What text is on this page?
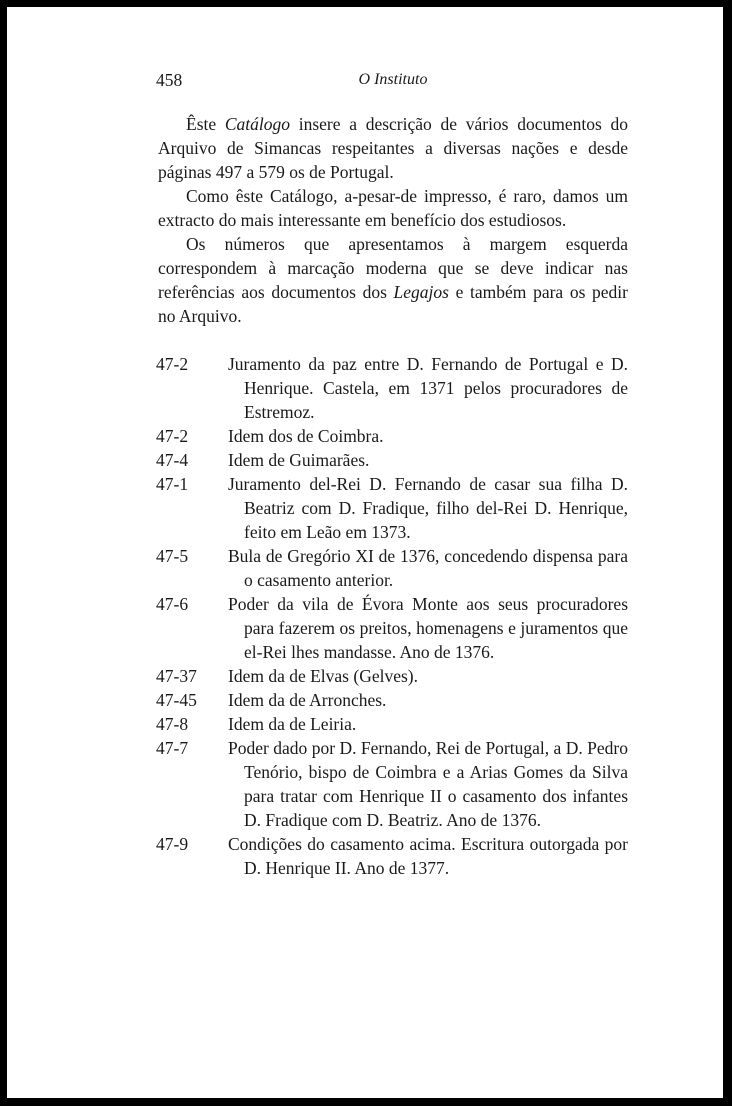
458	O Instituto

Êste Catálogo insere a descrição de vários documentos do Arquivo de Simancas respeitantes a diversas nações e desde páginas 497 a 579 os de Portugal.

Como êste Catálogo, a-pesar-de impresso, é raro, damos um extracto do mais interessante em benefício dos estudiosos.

Os números que apresentamos à margem esquerda correspondem à marcação moderna que se deve indicar nas referências aos documentos dos Legajos e também para os pedir no Arquivo.

47-2 Juramento da paz entre D. Fernando de Portugal e D. Henrique. Castela, em 1371 pelos procuradores de Estremoz.
47-2 Idem dos de Coimbra.
47-4 Idem de Guimarães.
47-1 Juramento del-Rei D. Fernando de casar sua filha D. Beatriz com D. Fradique, filho del-Rei D. Henrique, feito em Leão em 1373.
47-5 Bula de Gregório XI de 1376, concedendo dispensa para o casamento anterior.
47-6 Poder da vila de Évora Monte aos seus procuradores para fazerem os preitos, homenagens e juramentos que el-Rei lhes mandasse. Ano de 1376.
47-37 Idem da de Elvas (Gelves).
47-45 Idem da de Arronches.
47-8 Idem da de Leiria.
47-7 Poder dado por D. Fernando, Rei de Portugal, a D. Pedro Tenório, bispo de Coimbra e a Arias Gomes da Silva para tratar com Henrique II o casamento dos infantes D. Fradique com D. Beatriz. Ano de 1376.
47-9 Condições do casamento acima. Escritura outorgada por D. Henrique II. Ano de 1377.
